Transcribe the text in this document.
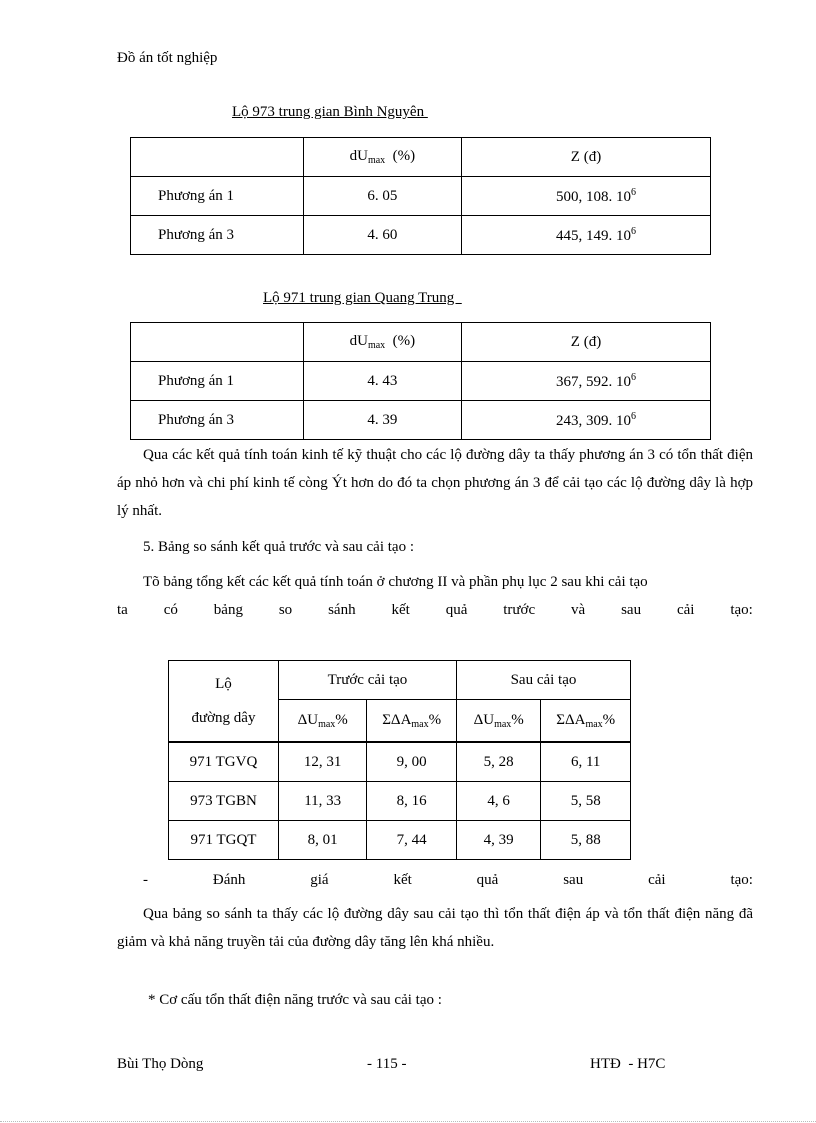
Đồ án tốt nghiệp
Lộ 973 trung gian Bình Nguyên
	$dU_{max}$  (%)	Z (đ)
Phương án 1	6. 05	500, 108. $10^6$
Phương án 3	4. 60	445, 149. $10^6$
Lộ 971 trung gian Quang Trung
	$dU_{max}$  (%)	Z (đ)
Phương án 1	4. 43	367, 592. $10^6$
Phương án 3	4. 39	243, 309. $10^6$
Qua các kết quả tính toán kinh tế kỹ thuật cho các lộ đường dây ta thấy phương án 3 có tổn thất điện áp nhỏ hơn và chi phí kinh tế còng Ýt hơn do đó ta chọn phương án 3 để cải tạo các lộ đường dây là hợp lý nhất.
5. Bảng so sánh kết quả trước và sau cải tạo :
Tõ bảng tổng kết các kết quả tính toán ở chương II và phần phụ lục 2 sau khi cải tạo
ta có bảng so sánh kết quả trước và sau cải tạo:
Lộ
đường dây	Trước cải tạo		Sau cải tạo	
	$\Delta U_{max}\%$	$\Sigma\Delta A_{max}\%$	$\Delta U_{max}\%$	$\Sigma\Delta A_{max}\%$
971 TGVQ	12, 31	9, 00	5, 28	6, 11
973 TGBN	11, 33	8, 16	4, 6	5, 58
971 TGQT	8, 01	7, 44	4, 39	5, 88
-	Đánh	giá	kết	quả	sau	cải	tạo:
Qua bảng so sánh ta thấy các lộ đường dây sau cải tạo thì tổn thất điện áp và tổn thất điện năng đã giảm và khả năng truyền tải của đường dây tăng lên khá nhiều.
* Cơ cấu tổn thất điện năng trước và sau cải tạo :
Bùi Thọ Dòng	- 115 -	HTĐ  - H7C
